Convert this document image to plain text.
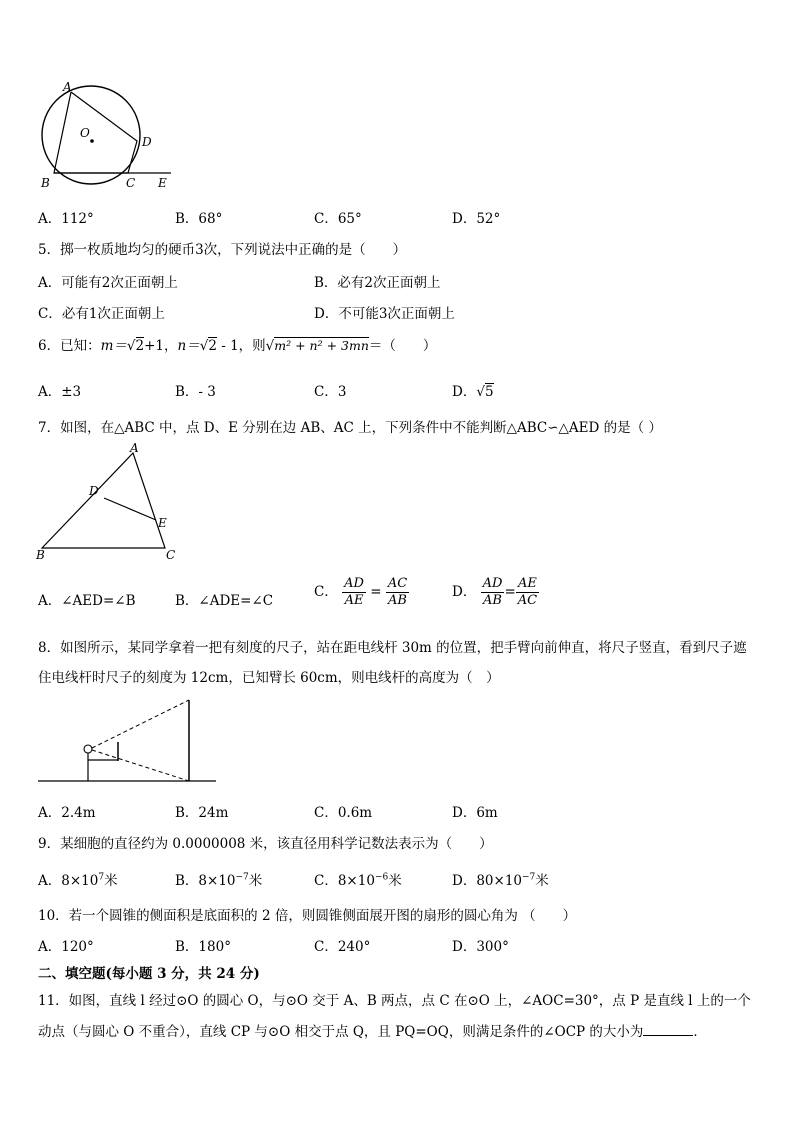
A
O
D
B	C E
A．112°	B．68°	C．65°	D．52°
5．掷一枚质地均匀的硬币3次，下列说法中正确的是（　　）
A．可能有2次正面朝上	B．必有2次正面朝上
C．必有1次正面朝上	D．不可能3次正面朝上
6．已知：m＝√2+1，n＝√2 - 1，则√m² + n² + 3mn＝（　　）
A．±3	B．- 3	C．3	D．√5
7．如图，在△ABC 中，点 D、E 分别在边 AB、AC 上，下列条件中不能判断△ABC∽△AED 的是（ ）
A
D
E
B	C
A．∠AED=∠B	B．∠ADE=∠C
C． $\frac{AD}{AE} = \frac{AC}{AB}$	D． $\frac{AD}{AB} = \frac{AE}{AC}$
8．如图所示，某同学拿着一把有刻度的尺子，站在距电线杆 30m 的位置，把手臂向前伸直，将尺子竖直，看到尺子遮
住电线杆时尺子的刻度为 12cm，已知臂长 60cm，则电线杆的高度为（　）
A．2.4m	B．24m	C．0.6m	D．6m
9．某细胞的直径约为 0.0000008 米，该直径用科学记数法表示为（　　）
A．$8\times 10^7$米	B．$8\times 10^{-7}$米	C．$8\times 10^{-6}$米	D．$80\times 10^{-7}$米
10．若一个圆锥的侧面积是底面积的 2 倍，则圆锥侧面展开图的扇形的圆心角为 （　　）
A．120°	B．180°	C．240°	D．300°
二、填空题(每小题 3 分，共 24 分)
11．如图，直线 l 经过⊙O 的圆心 O，与⊙O 交于 A、B 两点，点 C 在⊙O 上，∠AOC=30°，点 P 是直线 l 上的一个
动点（与圆心 O 不重合），直线 CP 与⊙O 相交于点 Q，且 PQ=OQ，则满足条件的∠OCP 的大小为	．
